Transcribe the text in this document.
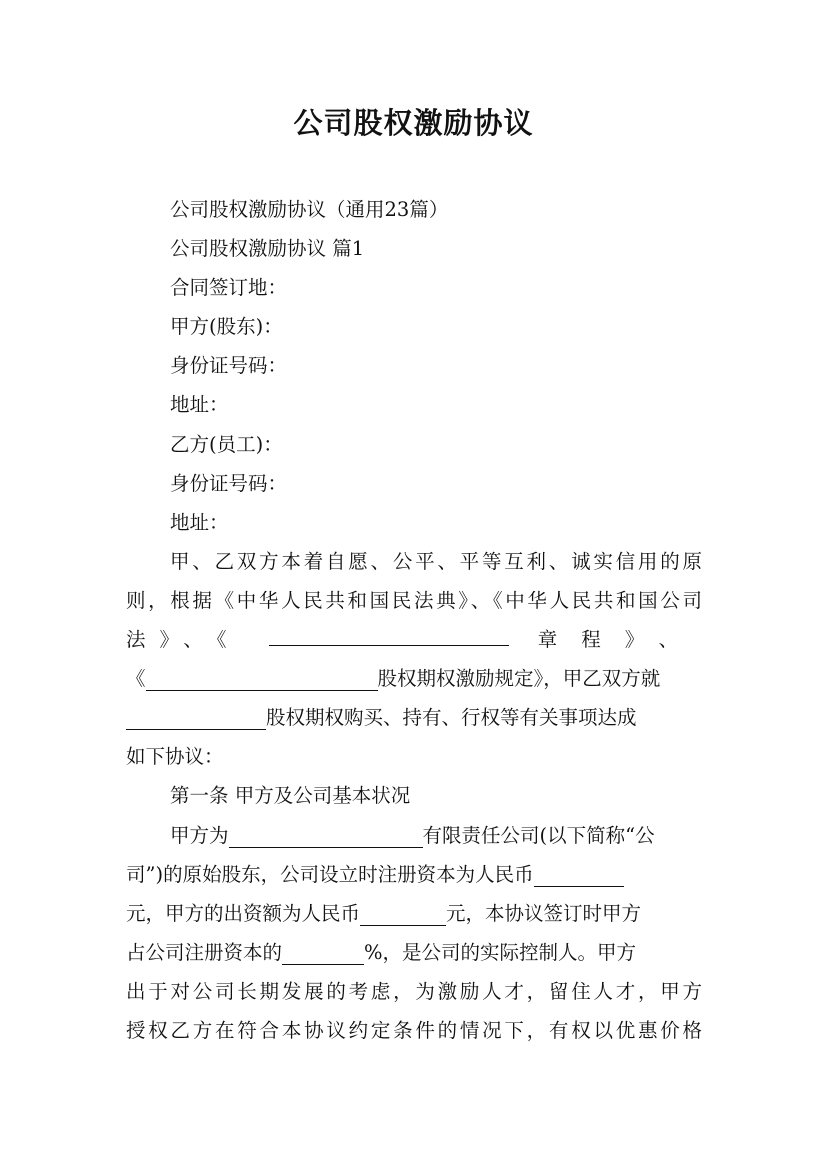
公司股权激励协议
公司股权激励协议（通用23篇）
公司股权激励协议 篇1
合同签订地：
甲方(股东)：
身份证号码：
地址：
乙方(员工)：
身份证号码：
地址：
甲、乙双方本着自愿、公平、平等互利、诚实信用的原
则，根据《中华人民共和国民法典》、《中华人民共和国公司
法》、《	章程》、
《	股权期权激励规定》，甲乙双方就
股权期权购买、持有、行权等有关事项达成
如下协议：
第一条 甲方及公司基本状况
甲方为	有限责任公司(以下简称“公
司”)的原始股东，公司设立时注册资本为人民币
元，甲方的出资额为人民币	元，本协议签订时甲方
占公司注册资本的	%，是公司的实际控制人。甲方
出于对公司长期发展的考虑，为激励人才，留住人才，甲方
授权乙方在符合本协议约定条件的情况下，有权以优惠价格
